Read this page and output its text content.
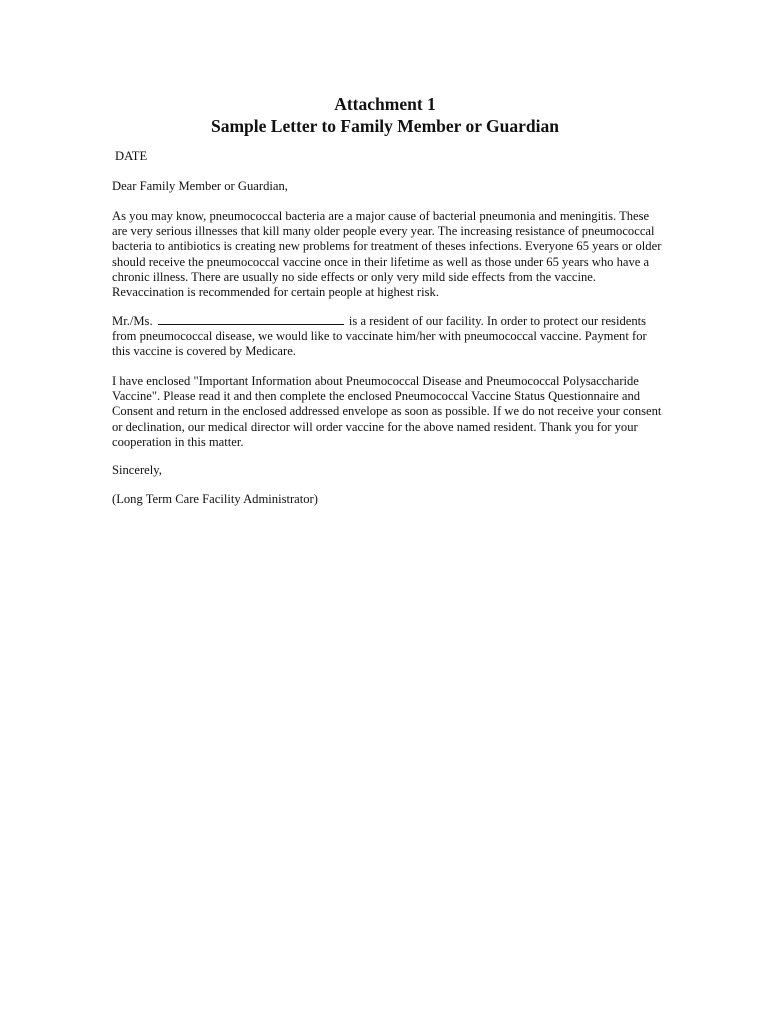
Attachment 1
Sample Letter to Family Member or Guardian

DATE

Dear Family Member or Guardian,

As you may know, pneumococcal bacteria are a major cause of bacterial pneumonia and meningitis. These are very serious illnesses that kill many older people every year. The increasing resistance of pneumococcal bacteria to antibiotics is creating new problems for treatment of theses infections. Everyone 65 years or older should receive the pneumococcal vaccine once in their lifetime as well as those under 65 years who have a chronic illness. There are usually no side effects or only very mild side effects from the vaccine. Revaccination is recommended for certain people at highest risk.

Mr./Ms.	is a resident of our facility. In order to protect our residents from pneumococcal disease, we would like to vaccinate him/her with pneumococcal vaccine. Payment for this vaccine is covered by Medicare.

I have enclosed "Important Information about Pneumococcal Disease and Pneumococcal Polysaccharide Vaccine". Please read it and then complete the enclosed Pneumococcal Vaccine Status Questionnaire and Consent and return in the enclosed addressed envelope as soon as possible. If we do not receive your consent or declination, our medical director will order vaccine for the above named resident. Thank you for your cooperation in this matter.

Sincerely,

(Long Term Care Facility Administrator)
